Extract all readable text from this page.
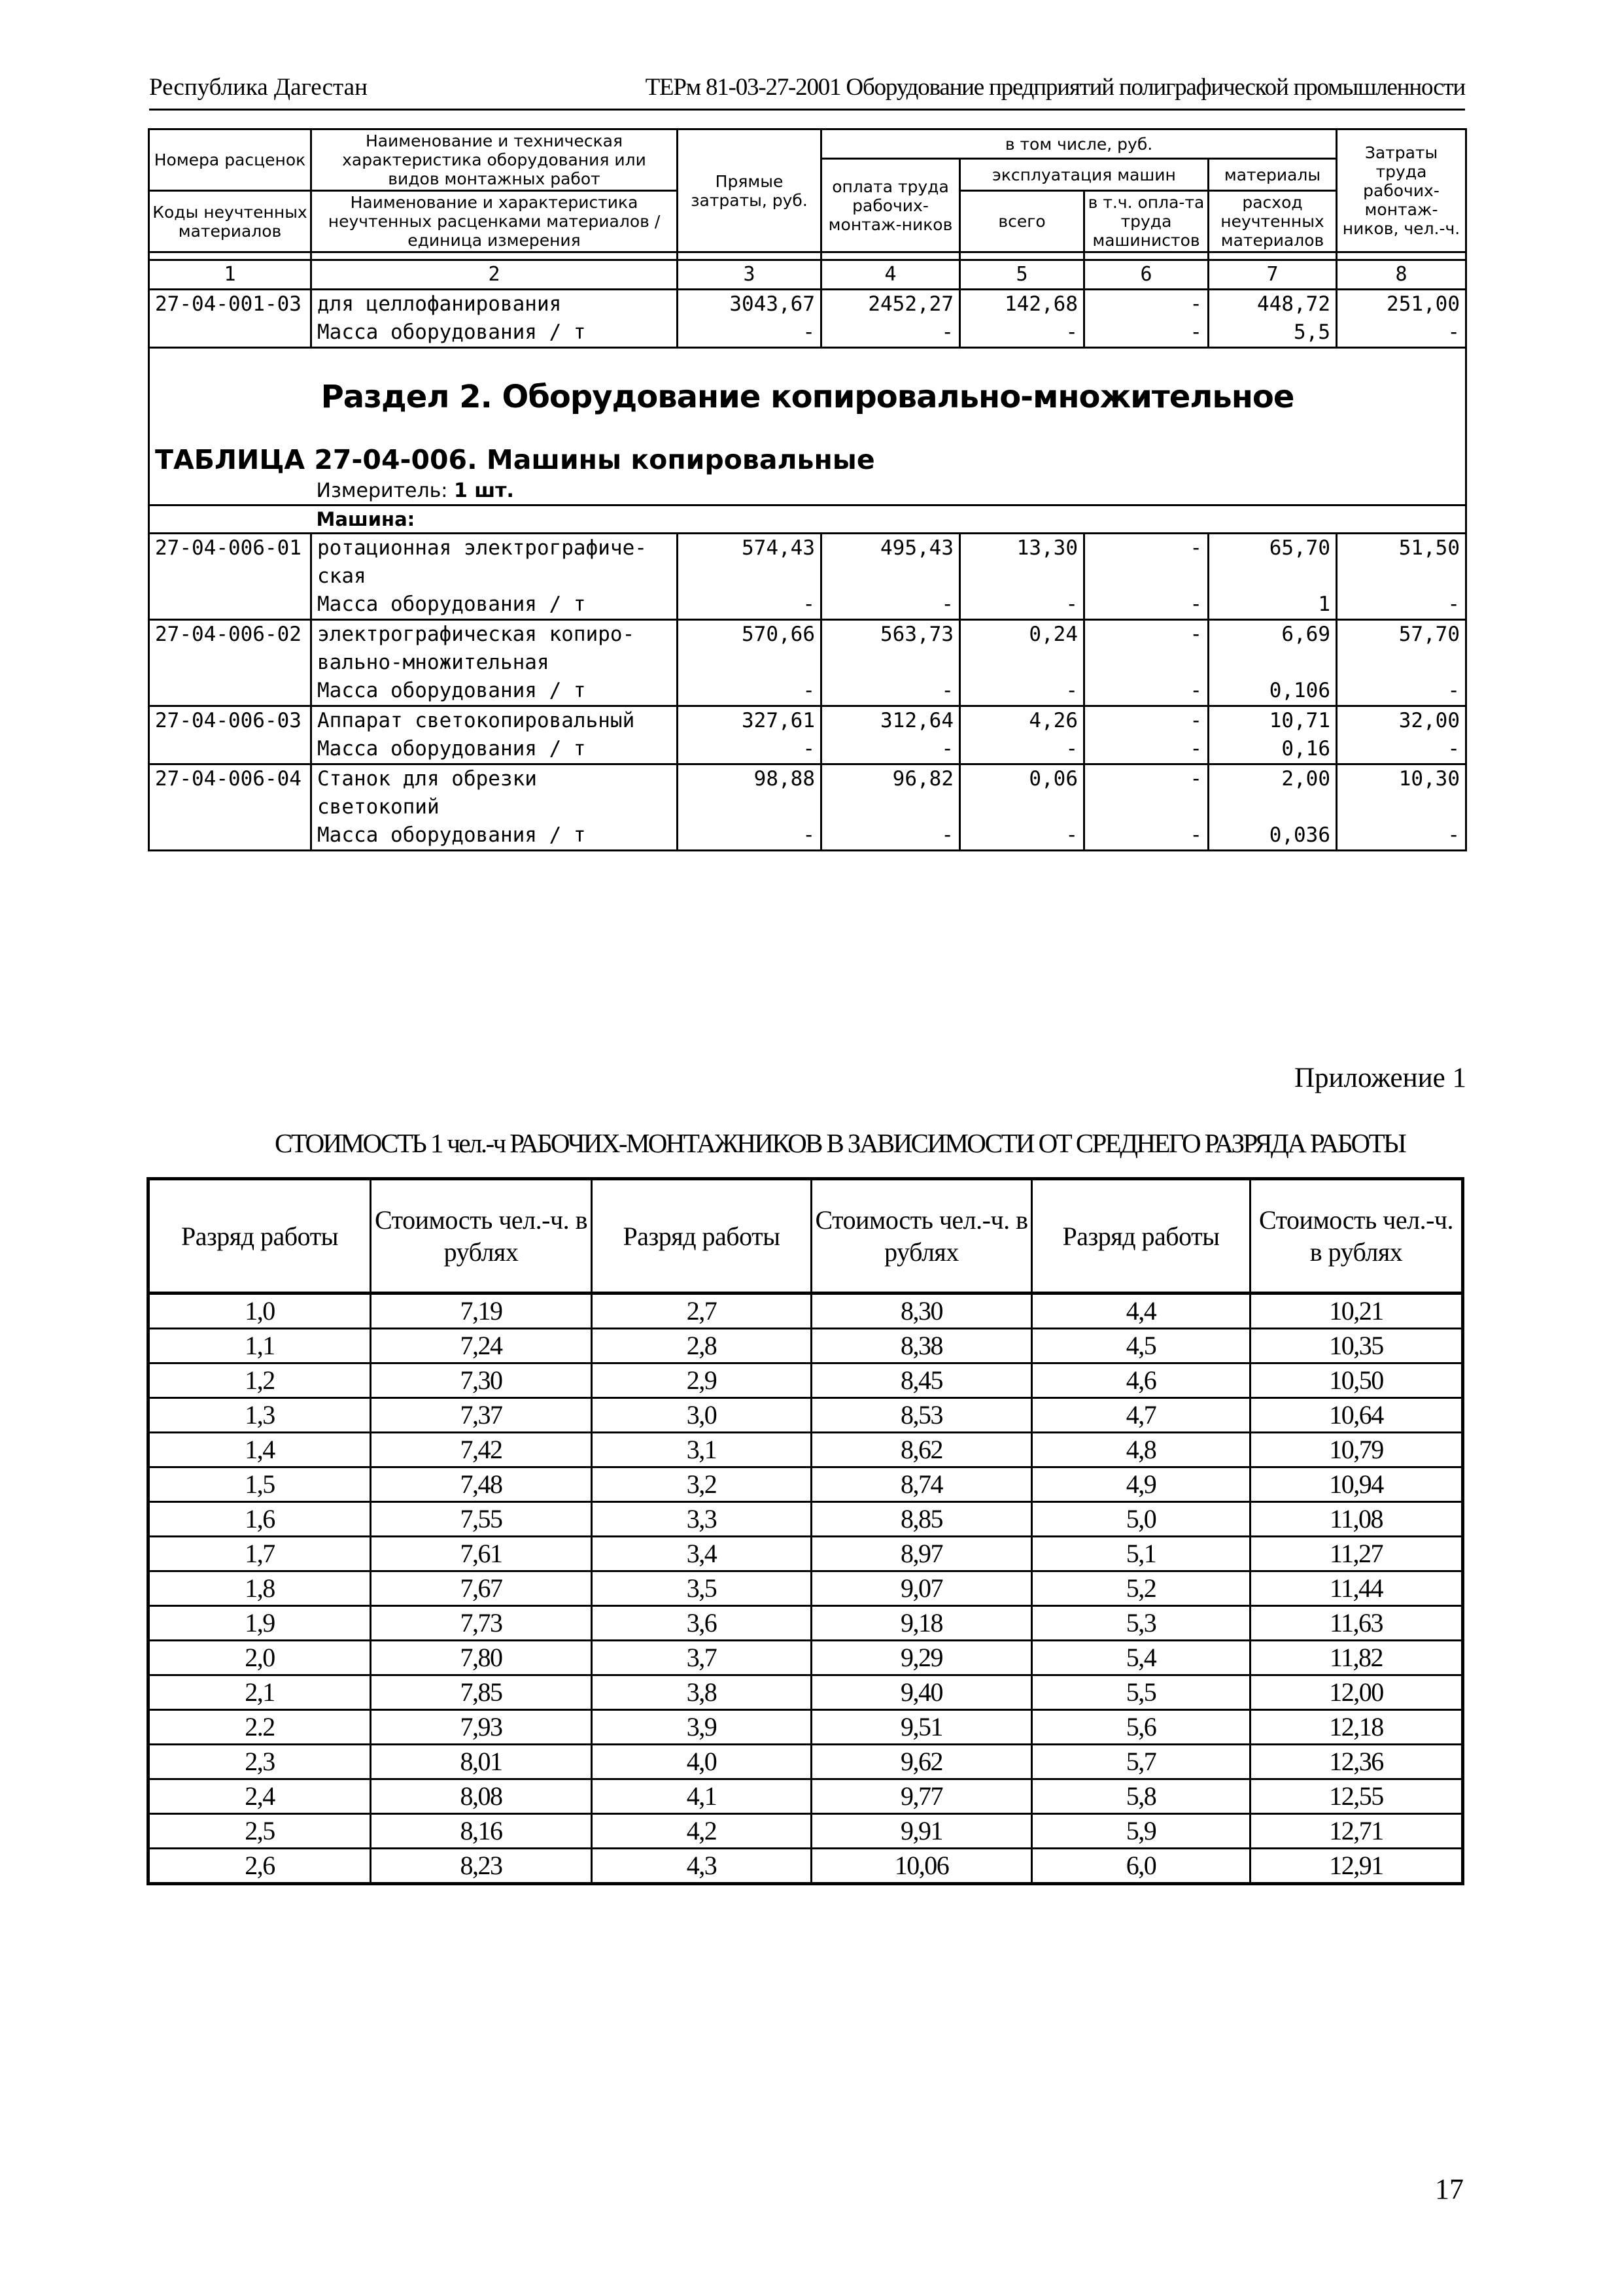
Республика Дагестан	ТЕРм 81-03-27-2001 Оборудование предприятий полиграфической промышленности
Номера расценок	Наименование и техническая характеристика оборудования или видов монтажных работ	Прямые затраты, руб.	в том числе, руб.				Затраты труда рабочих-монтаж-ников, чел.-ч.
			оплата труда рабочих-монтаж-ников	эксплуатация машин		материалы	
Коды неучтенных материалов	Наименование и характеристика неучтенных расценками материалов / единица измерения			всего	в т.ч. опла-та труда машинистов	расход неучтенных материалов	

1	2	3	4	5	6	7	8
27-04-001-03	для целлофанирования	3043,67	2452,27	142,68	-	448,72	251,00
	Масса оборудования / т	-	-	-	-	5,5	-
Раздел 2. Оборудование копировально-множительное							
ТАБЛИЦА 27-04-006. Машины копировальные							
	Измеритель: 1 шт.						
	Машина:						
27-04-006-01	ротационная электрографиче-ская	574,43	495,43	13,30	-	65,70	51,50
	Масса оборудования / т	-	-	-	-	1	-
27-04-006-02	электрографическая копиро-вально-множительная	570,66	563,73	0,24	-	6,69	57,70
	Масса оборудования / т	-	-	-	-	0,106	-
27-04-006-03	Аппарат светокопировальный	327,61	312,64	4,26	-	10,71	32,00
	Масса оборудования / т	-	-	-	-	0,16	-
27-04-006-04	Станок для обрезки светокопий	98,88	96,82	0,06	-	2,00	10,30
	Масса оборудования / т	-	-	-	-	0,036	-
Приложение 1
СТОИМОСТЬ 1 чел.-ч РАБОЧИХ-МОНТАЖНИКОВ В ЗАВИСИМОСТИ ОТ СРЕДНЕГО РАЗРЯДА РАБОТЫ
Разряд работы	Стоимость чел.-ч. в рублях	Разряд работы	Стоимость чел.-ч. в рублях	Разряд работы	Стоимость чел.-ч. в рублях
1,0	7,19	2,7	8,30	4,4	10,21
1,1	7,24	2,8	8,38	4,5	10,35
1,2	7,30	2,9	8,45	4,6	10,50
1,3	7,37	3,0	8,53	4,7	10,64
1,4	7,42	3,1	8,62	4,8	10,79
1,5	7,48	3,2	8,74	4,9	10,94
1,6	7,55	3,3	8,85	5,0	11,08
1,7	7,61	3,4	8,97	5,1	11,27
1,8	7,67	3,5	9,07	5,2	11,44
1,9	7,73	3,6	9,18	5,3	11,63
2,0	7,80	3,7	9,29	5,4	11,82
2,1	7,85	3,8	9,40	5,5	12,00
2.2	7,93	3,9	9,51	5,6	12,18
2,3	8,01	4,0	9,62	5,7	12,36
2,4	8,08	4,1	9,77	5,8	12,55
2,5	8,16	4,2	9,91	5,9	12,71
2,6	8,23	4,3	10,06	6,0	12,91
17
